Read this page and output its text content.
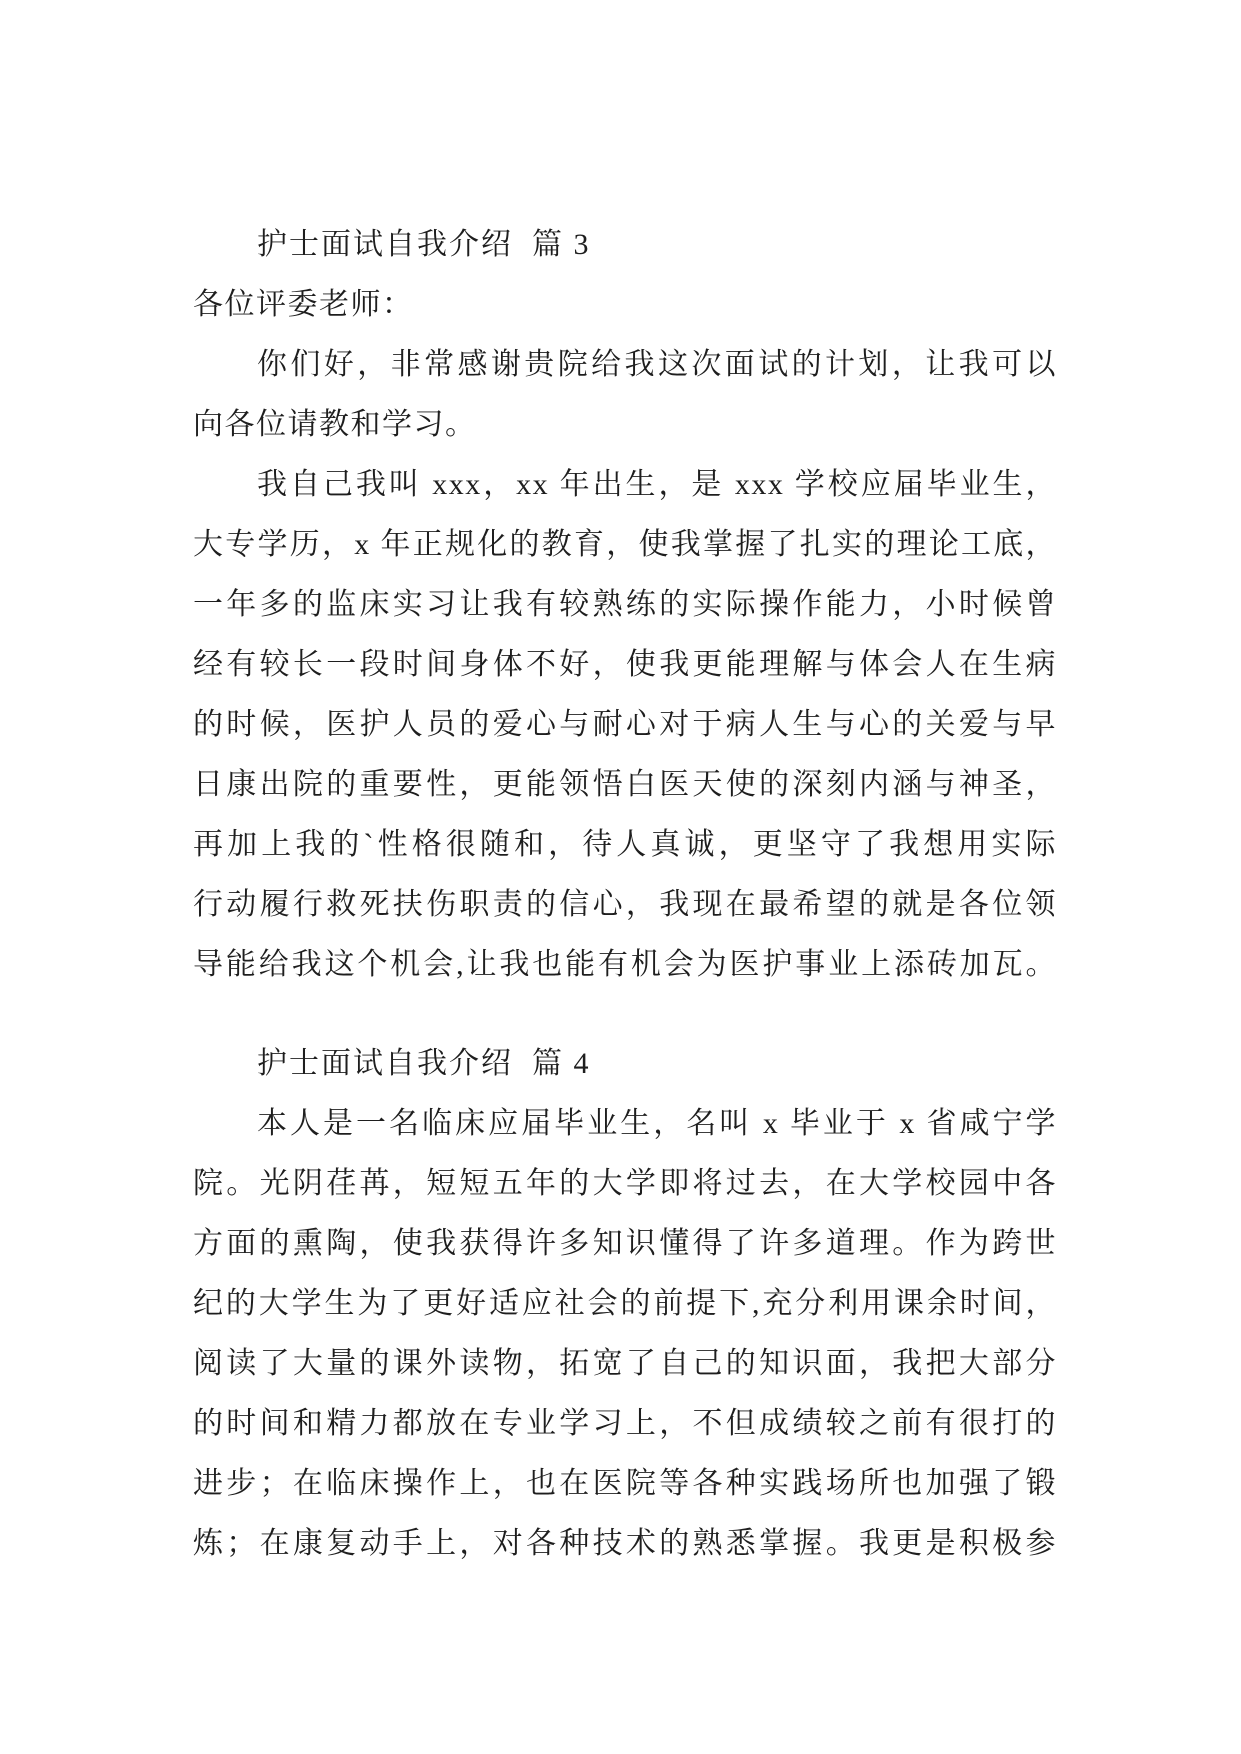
护士面试自我介绍  篇 3
各位评委老师：
你们好，非常感谢贵院给我这次面试的计划，让我可以
向各位请教和学习。
我自己我叫 xxx，xx 年出生，是 xxx 学校应届毕业生，
大专学历，x 年正规化的教育，使我掌握了扎实的理论工底，
一年多的监床实习让我有较熟练的实际操作能力，小时候曾
经有较长一段时间身体不好，使我更能理解与体会人在生病
的时候，医护人员的爱心与耐心对于病人生与心的关爱与早
日康出院的重要性，更能领悟白医天使的深刻内涵与神圣，
再加上我的`性格很随和，待人真诚，更坚守了我想用实际
行动履行救死扶伤职责的信心，我现在最希望的就是各位领
导能给我这个机会,让我也能有机会为医护事业上添砖加瓦。
护士面试自我介绍  篇 4
本人是一名临床应届毕业生，名叫 x 毕业于 x 省咸宁学
院。光阴荏苒，短短五年的大学即将过去，在大学校园中各
方面的熏陶，使我获得许多知识懂得了许多道理。作为跨世
纪的大学生为了更好适应社会的前提下,充分利用课余时间，
阅读了大量的课外读物，拓宽了自己的知识面，我把大部分
的时间和精力都放在专业学习上，不但成绩较之前有很打的
进步；在临床操作上，也在医院等各种实践场所也加强了锻
炼；在康复动手上，对各种技术的熟悉掌握。我更是积极参
